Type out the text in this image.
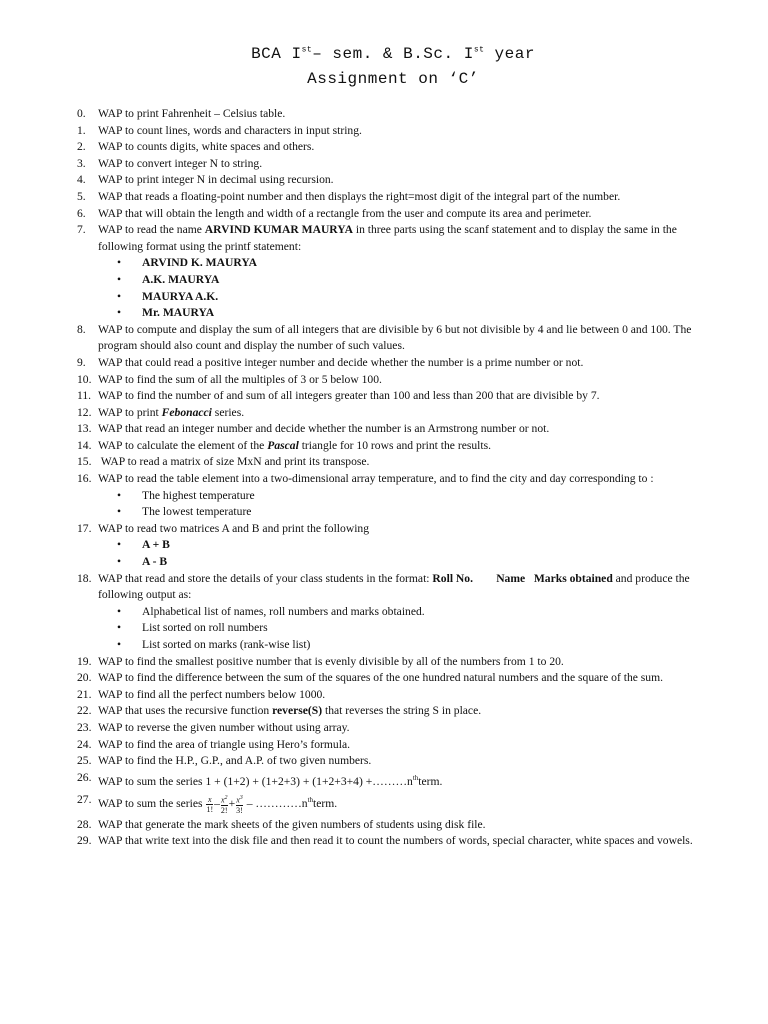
BCA Ist– sem. & B.Sc. Ist year
Assignment on ‘C’
0.	WAP to print Fahrenheit – Celsius table.
1.	WAP to count lines, words and characters in input string.
2.	WAP to counts digits, white spaces and others.
3.	WAP to convert integer N to string.
4.	WAP to print integer N in decimal using recursion.
5.	WAP that reads a floating-point number and then displays the right=most digit of the integral part of the number.
6.	WAP that will obtain the length and width of a rectangle from the user and compute its area and perimeter.
7.	WAP to read the name ARVIND KUMAR MAURYA in three parts using the scanf statement and to display the same in the following format using the printf statement:
•	ARVIND K. MAURYA
•	A.K. MAURYA
•	MAURYA A.K.
•	Mr. MAURYA
8.	WAP to compute and display the sum of all integers that are divisible by 6 but not divisible by 4 and lie between 0 and 100. The program should also count and display the number of such values.
9.	WAP that could read a positive integer number and decide whether the number is a prime number or not.
10. WAP to find the sum of all the multiples of 3 or 5 below 100.
11. WAP to find the number of and sum of all integers greater than 100 and less than 200 that are divisible by 7.
12. WAP to print Febonacci series.
13. WAP that read an integer number and decide whether the number is an Armstrong number or not.
14. WAP to calculate the element of the Pascal triangle for 10 rows and print the results.
15. WAP to read a matrix of size MxN and print its transpose.
16. WAP to read the table element into a two-dimensional array temperature, and to find the city and day corresponding to :
•	The highest temperature
•	The lowest temperature
17. WAP to read two matrices A and B and print the following
•	A + B
•	A - B
18. WAP that read and store the details of your class students in the format: Roll No.        Name   Marks obtained and produce the following output as:
•	Alphabetical list of names, roll numbers and marks obtained.
•	List sorted on roll numbers
•	List sorted on marks (rank-wise list)
19. WAP to find the smallest positive number that is evenly divisible by all of the numbers from 1 to 20.
20. WAP to find the difference between the sum of the squares of the one hundred natural numbers and the square of the sum.
21. WAP to find all the perfect numbers below 1000.
22. WAP that uses the recursive function reverse(S) that reverses the string S in place.
23. WAP to reverse the given number without using array.
24. WAP to find the area of triangle using Hero’s formula.
25. WAP to find the H.P., G.P., and A.P. of two given numbers.
26. WAP to sum the series $1 + (1+2) + (1+2+3) + (1+2+3+4) +\dots\dots\dots n^{th}term$.
27. WAP to sum the series $\frac{x}{1!} - \frac{x^2}{2!} + \frac{x^3}{3!}$ – $\dots\dots\dots\dots n^{th}term$.
28. WAP that generate the mark sheets of the given numbers of students using disk file.
29. WAP that write text into the disk file and then read it to count the numbers of words, special character, white spaces and vowels.
